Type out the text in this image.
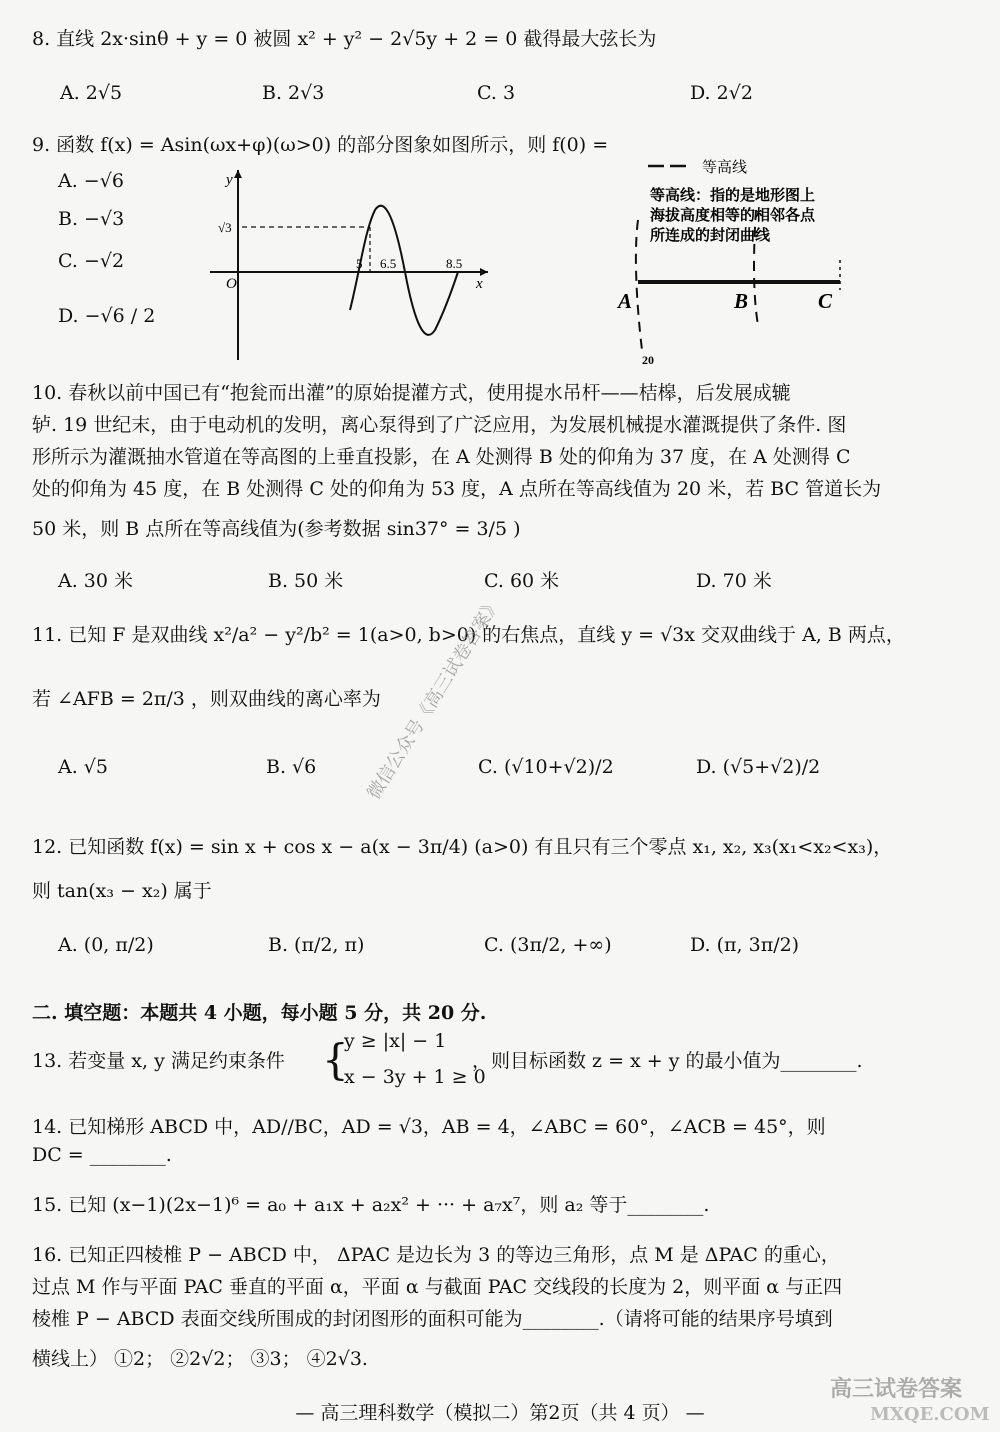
8. 直线 2x·sinθ + y = 0 被圆 x² + y² − 2√5y + 2 = 0 截得最大弦长为
A. 2√5	B. 2√3	C. 3	D. 2√2
9. 函数 f(x) = Asin(ωx+φ)(ω>0) 的部分图象如图所示，则 f(0) =
A. −√6
B. −√3
C. −√2
D. −√6 / 2
y
x
O
√3
5 6.5	8.5
等高线
等高线：指的是地形图上
海拔高度相等的相邻各点
所连成的封闭曲线
A	B	C
20
10. 春秋以前中国已有“抱瓮而出灌”的原始提灌方式，使用提水吊杆——桔槔，后发展成辘
轳. 19 世纪末，由于电动机的发明，离心泵得到了广泛应用，为发展机械提水灌溉提供了条件. 图
形所示为灌溉抽水管道在等高图的上垂直投影，在 A 处测得 B 处的仰角为 37 度，在 A 处测得 C
处的仰角为 45 度，在 B 处测得 C 处的仰角为 53 度，A 点所在等高线值为 20 米，若 BC 管道长为
50 米，则 B 点所在等高线值为(参考数据 sin37° = 3/5 )
A. 30 米	B. 50 米	C. 60 米	D. 70 米
11. 已知 F 是双曲线 x²/a² − y²/b² = 1(a>0, b>0) 的右焦点，直线 y = √3x 交双曲线于 A, B 两点，
若 ∠AFB = 2π/3 ，则双曲线的离心率为
A. √5	B. √6	C. (√10+√2)/2	D. (√5+√2)/2
12. 已知函数 f(x) = sin x + cos x − a(x − 3π/4) (a>0) 有且只有三个零点 x₁, x₂, x₃(x₁<x₂<x₃)，
则 tan(x₃ − x₂) 属于
A. (0, π/2)	B. (π/2, π)	C. (3π/2, +∞)	D. (π, 3π/2)
二. 填空题：本题共 4 小题，每小题 5 分，共 20 分.
13. 若变量 x, y 满足约束条件 {
y ≥ |x| − 1
x − 3y + 1 ≥ 0
，则目标函数 z = x + y 的最小值为________.
14. 已知梯形 ABCD 中，AD//BC，AD = √3，AB = 4，∠ABC = 60°，∠ACB = 45°，则
DC = ________.
15. 已知 (x−1)(2x−1)⁶ = a₀ + a₁x + a₂x² + ··· + a₇x⁷，则 a₂ 等于________.
16. 已知正四棱椎 P − ABCD 中， ΔPAC 是边长为 3 的等边三角形，点 M 是 ΔPAC 的重心，
过点 M 作与平面 PAC 垂直的平面 α，平面 α 与截面 PAC 交线段的长度为 2，则平面 α 与正四
棱椎 P − ABCD 表面交线所围成的封闭图形的面积可能为________.（请将可能的结果序号填到
横线上） ①2； ②2√2； ③3； ④2√3.
微信公众号《高三试卷答案》
— 高三理科数学（模拟二）第2页（共 4 页） —
高三试卷答案
MXQE.COM
